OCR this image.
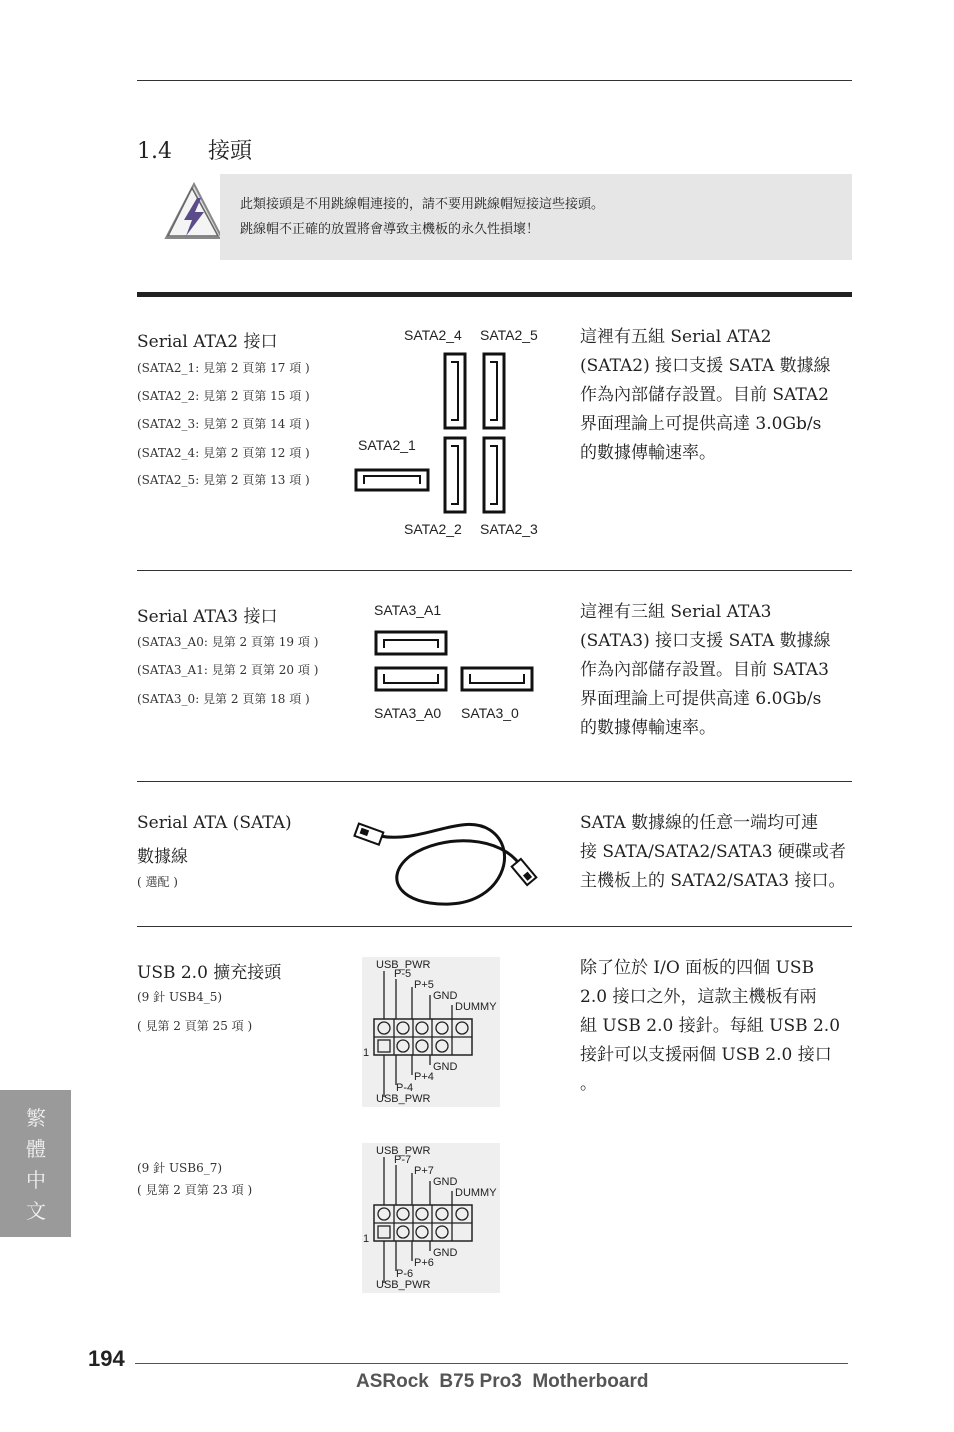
1.4 接頭
此類接頭是不用跳線帽連接的，請不要用跳線帽短接這些接頭。
跳線帽不正確的放置將會導致主機板的永久性損壞！
Serial ATA2 接口
(SATA2_1: 見第 2 頁第 17 項 )
(SATA2_2: 見第 2 頁第 15 項 )
(SATA2_3: 見第 2 頁第 14 項 )
(SATA2_4: 見第 2 頁第 12 項 )
(SATA2_5: 見第 2 頁第 13 項 )
SATA2_4 SATA2_5
SATA2_1
SATA2_2 SATA2_3
這裡有五組 Serial ATA2
(SATA2) 接口支援 SATA 數據線
作為內部儲存設置。目前 SATA2
界面理論上可提供高達 3.0Gb/s
的數據傳輸速率。
Serial ATA3 接口
(SATA3_A0: 見第 2 頁第 19 項 )
(SATA3_A1: 見第 2 頁第 20 項 )
(SATA3_0: 見第 2 頁第 18 項 )
SATA3_A1
SATA3_A0 SATA3_0
這裡有三組 Serial ATA3
(SATA3) 接口支援 SATA 數據線
作為內部儲存設置。目前 SATA3
界面理論上可提供高達 6.0Gb/s
的數據傳輸速率。
Serial ATA (SATA)
數據線
( 選配 )
SATA 數據線的任意一端均可連
接 SATA/SATA2/SATA3 硬碟或者
主機板上的 SATA2/SATA3 接口。
USB 2.0 擴充接頭
(9 針 USB4_5)
( 見第 2 頁第 25 項 )
USB_PWR
P-5
P+5
GND
DUMMY
1
GND
P+4
P-4
USB_PWR
除了位於 I/O 面板的四個 USB
2.0 接口之外，這款主機板有兩
組 USB 2.0 接針。每組 USB 2.0
接針可以支援兩個 USB 2.0 接口
。
(9 針 USB6_7)
( 見第 2 頁第 23 項 )
USB_PWR
P-7
P+7
GND
DUMMY
1
GND
P+6
P-6
USB_PWR
繁
體
中
文
194
ASRock  B75 Pro3  Motherboard
